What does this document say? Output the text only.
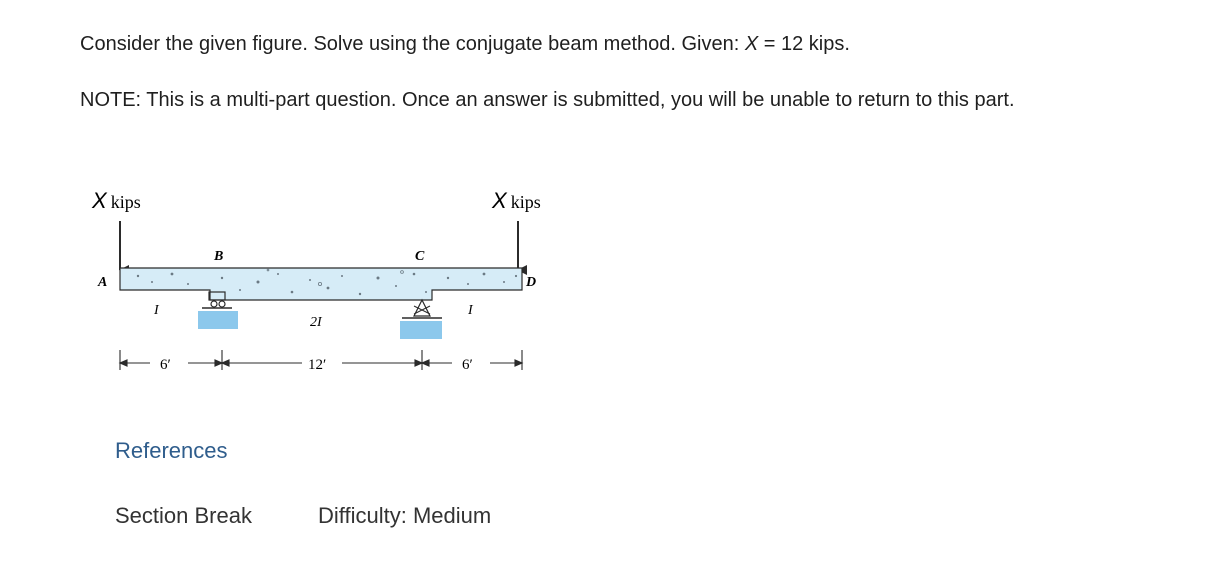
Consider the given figure. Solve using the conjugate beam method. Given: X = 12 kips.

NOTE: This is a multi-part question. Once an answer is submitted, you will be unable to return to this part.

X kips	X kips
A
B	C
D
I
2I
I
6′	12′	6′
References
Section Break	Difficulty: Medium
